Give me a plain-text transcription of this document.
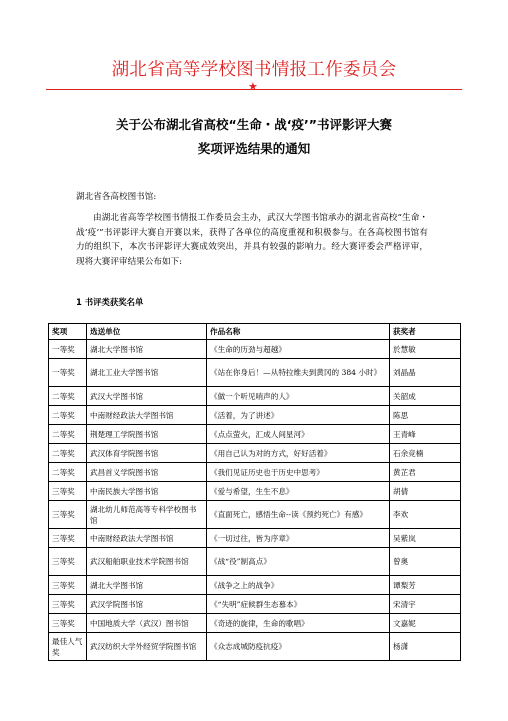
湖北省高等学校图书情报工作委员会
★
关于公布湖北省高校“生命・战‘疫’”书评影评大赛
奖项评选结果的通知
湖北省各高校图书馆:
由湖北省高等学校图书情报工作委员会主办，武汉大学图书馆承办的湖北省高校“生命・战‘疫’”书评影评大赛自开赛以来，获得了各单位的高度重视和积极参与。在各高校图书馆有力的组织下，本次书评影评大赛成效突出，并具有较强的影响力。经大赛评委会严格评审，现将大赛评审结果公布如下:
1 书评类获奖名单
奖项	选送单位	作品名称	获奖者
一等奖	湖北大学图书馆	《生命的历劲与超越》	於慧敏
一等奖	湖北工业大学图书馆	《站在你身后！—从特拉维夫到黄冈的 384 小时》	刘晶晶
二等奖	武汉大学图书馆	《做一个听见哨声的人》	关韶成
二等奖	中南财经政法大学图书馆	《活着，为了讲述》	陈思
二等奖	荆楚理工学院图书馆	《点点萤火，汇成人间星河》	王青峰
二等奖	武汉体育学院图书馆	《用自己认为对的方式，好好活着》	石余竞楠
二等奖	武昌首义学院图书馆	《我们见证历史也于历史中思考》	黄芷君
三等奖	中南民族大学图书馆	《爱与希望，生生不息》	胡倩
三等奖	湖北幼儿师范高等专科学校图书馆	《直面死亡，感悟生命--读《预约死亡》有感》	李欢
三等奖	中南财经政法大学图书馆	《一切过往，皆为序章》	吴紫岚
三等奖	武汉船舶职业技术学院图书馆	《战“役”制高点》	曾奥
三等奖	湖北大学图书馆	《战争之上的战争》	谭梨芳
三等奖	武汉学院图书馆	《“失明”症候群生态慕本》	宋清宇
三等奖	中国地质大学（武汉）图书馆	《奇迹的旋律，生命的歌唱》	文嘉妮
最佳人气奖	武汉纺织大学外经贸学院图书馆	《众志成城防疫抗疫》	杨潇
